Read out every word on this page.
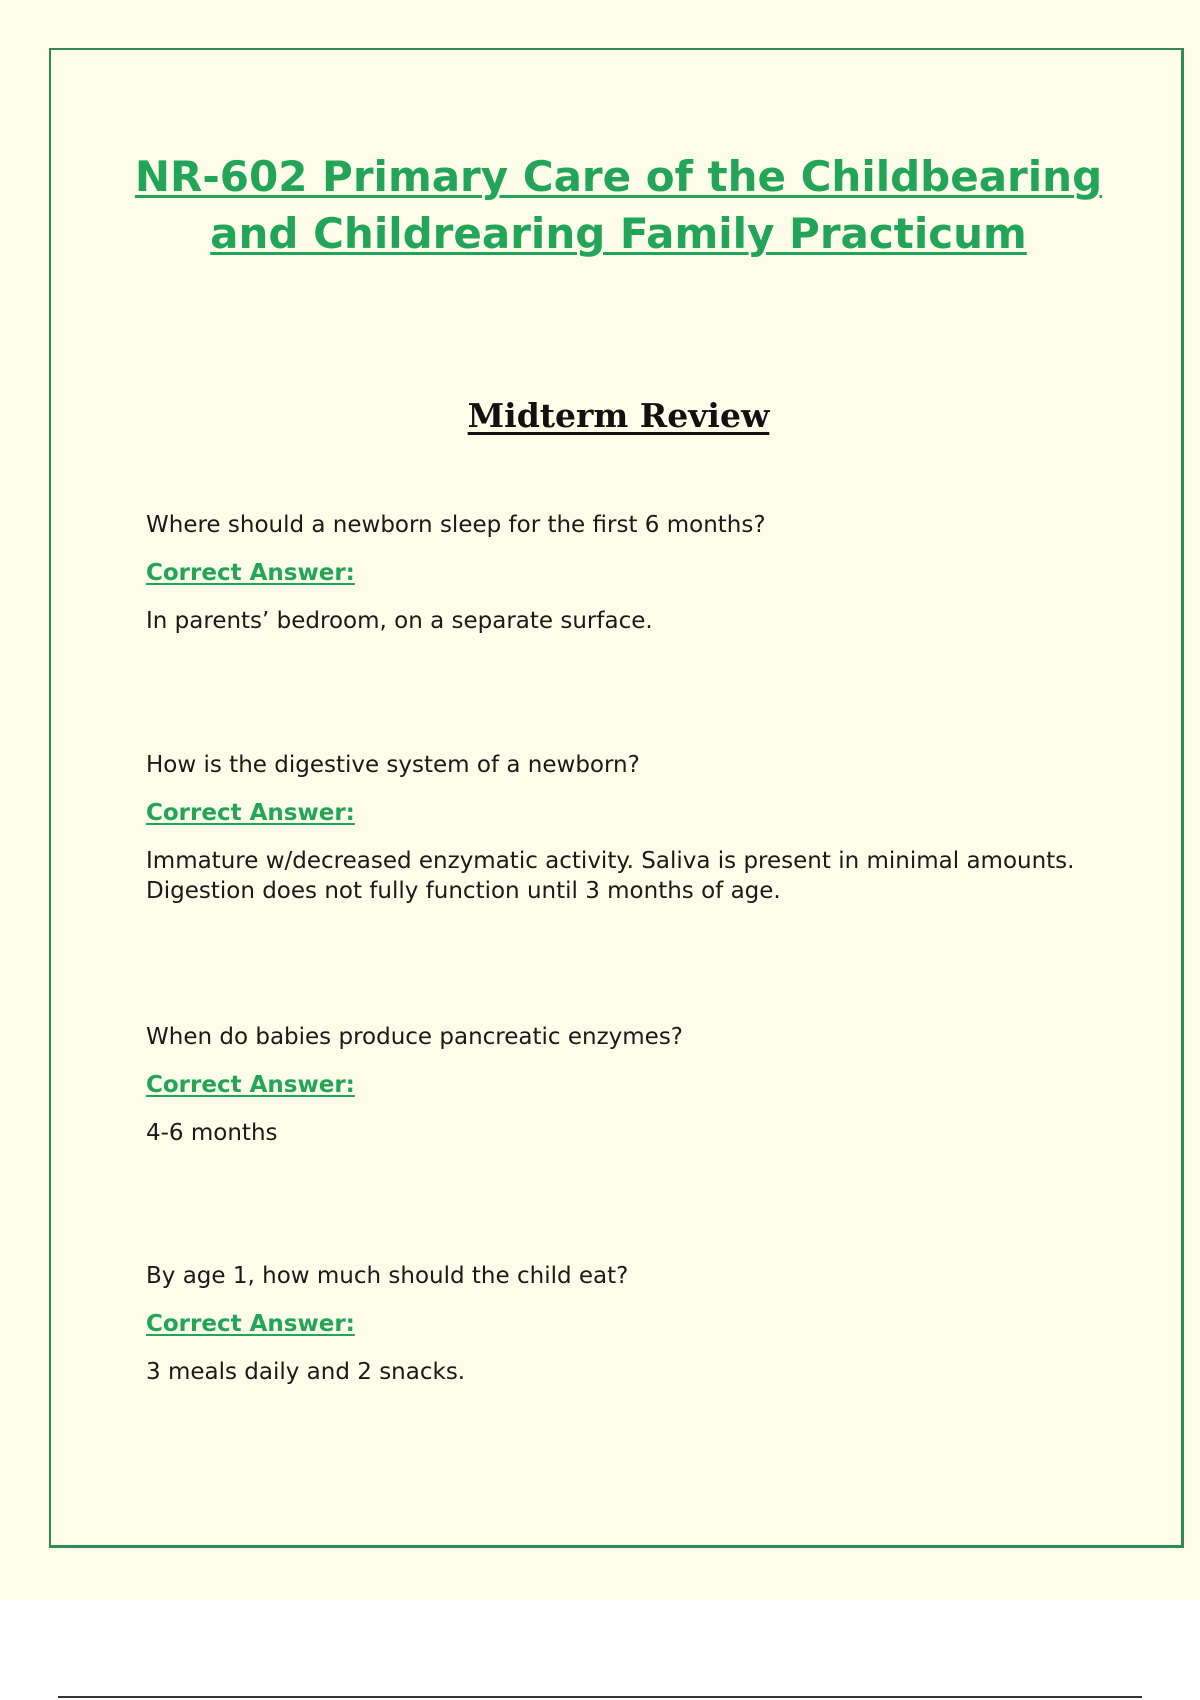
NR-602 Primary Care of the Childbearing
and Childrearing Family Practicum
Midterm Review

Where should a newborn sleep for the first 6 months?

Correct Answer:

In parents’ bedroom, on a separate surface.

How is the digestive system of a newborn?

Correct Answer:

Immature w/decreased enzymatic activity. Saliva is present in minimal amounts. Digestion does not fully function until 3 months of age.

When do babies produce pancreatic enzymes?

Correct Answer:

4-6 months

By age 1, how much should the child eat?

Correct Answer:

3 meals daily and 2 snacks.
